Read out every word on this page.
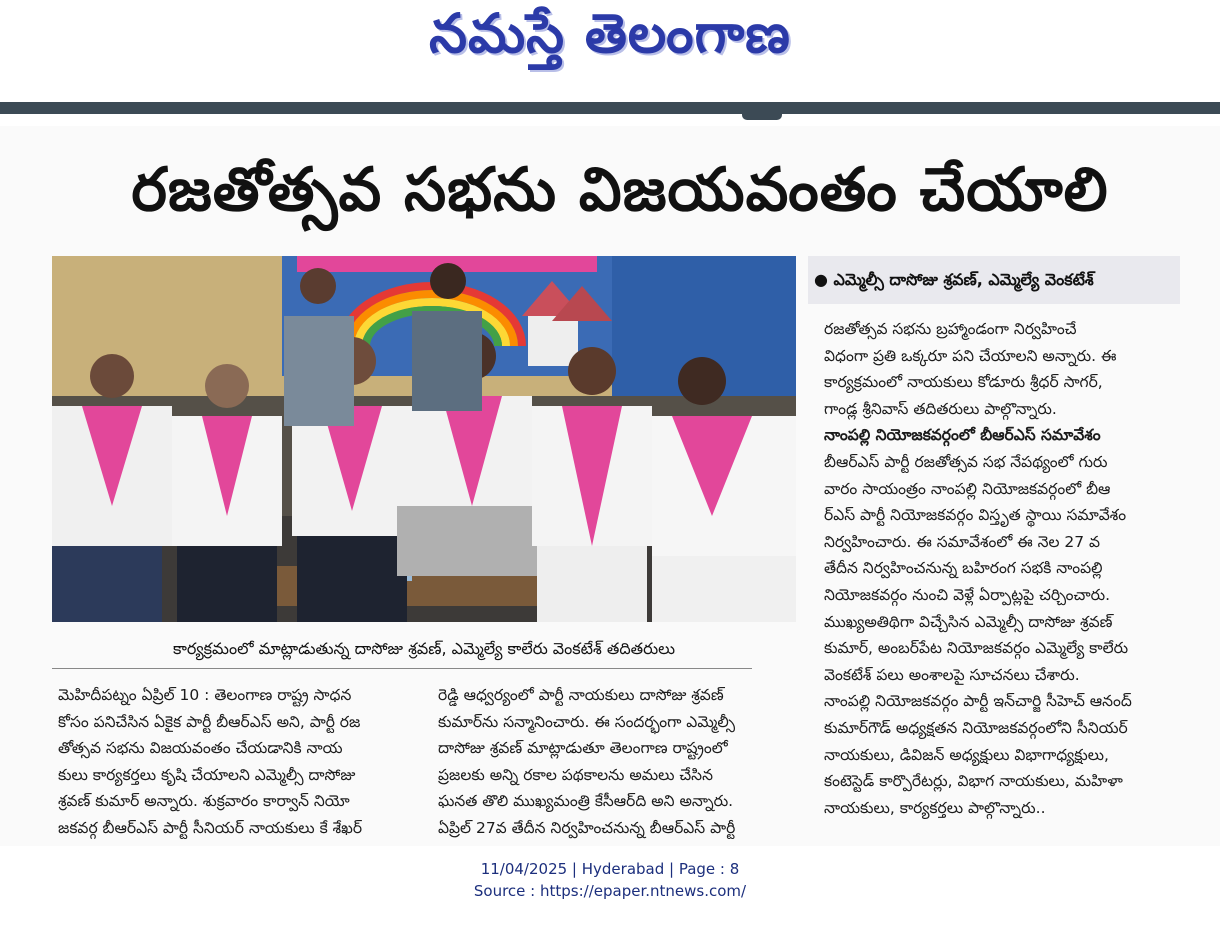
నమస్తే తెలంగాణ
రజతోత్సవ సభను విజయవంతం చేయాలి
కార్యక్రమంలో మాట్లాడుతున్న దాసోజు శ్రవణ్, ఎమ్మెల్యే కాలేరు వెంకటేశ్ తదితరులు
● ఎమ్మెల్సీ దాసోజు శ్రవణ్, ఎమ్మెల్యే వెంకటేశ్
రజతోత్సవ సభను బ్రహ్మాండంగా నిర్వహించే
విధంగా ప్రతి ఒక్కరూ పని చేయాలని అన్నారు. ఈ
కార్యక్రమంలో నాయకులు కోడూరు శ్రీధర్ సాగర్,
గాండ్ల శ్రీనివాస్ తదితరులు పాల్గొన్నారు.
నాంపల్లి నియోజకవర్గంలో బీఆర్ఎస్ సమావేశం
బీఆర్ఎస్ పార్టీ రజతోత్సవ సభ నేపథ్యంలో గురు
వారం సాయంత్రం నాంపల్లి నియోజకవర్గంలో బీఆ
ర్ఎస్ పార్టీ నియోజకవర్గం విస్తృత స్థాయి సమావేశం
నిర్వహించారు. ఈ సమావేశంలో ఈ నెల 27 వ
తేదీన నిర్వహించనున్న బహిరంగ సభకి నాంపల్లి
నియోజకవర్గం నుంచి వెళ్లే ఏర్పాట్లపై చర్చించారు.
ముఖ్యఅతిథిగా విచ్చేసిన ఎమ్మెల్సీ దాసోజు శ్రవణ్
కుమార్, అంబర్‌పేట నియోజకవర్గం ఎమ్మెల్యే కాలేరు
వెంకటేశ్ పలు అంశాలపై సూచనలు చేశారు.
నాంపల్లి నియోజకవర్గం పార్టీ ఇన్‌చార్జి సీహెచ్ ఆనంద్
కుమార్‌గౌడ్ అధ్యక్షతన నియోజకవర్గంలోని సీనియర్
నాయకులు, డివిజన్ అధ్యక్షులు విభాగాధ్యక్షులు,
కంటెస్టెడ్ కార్పొరేటర్లు, విభాగ నాయకులు, మహిళా
నాయకులు, కార్యకర్తలు పాల్గొన్నారు..
మెహిదీపట్నం ఏప్రిల్ 10 : తెలంగాణ రాష్ట్ర సాధన
కోసం పనిచేసిన ఏకైక పార్టీ బీఆర్ఎస్ అని, పార్టీ రజ
తోత్సవ సభను విజయవంతం చేయడానికి నాయ
కులు కార్యకర్తలు కృషి చేయాలని ఎమ్మెల్సీ దాసోజు
శ్రవణ్ కుమార్ అన్నారు. శుక్రవారం కార్వాన్ నియో
జకవర్గ బీఆర్ఎస్ పార్టీ సీనియర్ నాయకులు కే శేఖర్
రెడ్డి ఆధ్వర్యంలో పార్టీ నాయకులు దాసోజు శ్రవణ్
కుమార్‌ను సన్మానించారు. ఈ సందర్భంగా ఎమ్మెల్సీ
దాసోజు శ్రవణ్ మాట్లాడుతూ తెలంగాణ రాష్ట్రంలో
ప్రజలకు అన్ని రకాల పథకాలను అమలు చేసిన
ఘనత తొలి ముఖ్యమంత్రి కేసీఆర్‌ది అని అన్నారు.
ఏప్రిల్ 27వ తేదీన నిర్వహించనున్న బీఆర్ఎస్ పార్టీ
11/04/2025 | Hyderabad | Page : 8
Source : https://epaper.ntnews.com/
